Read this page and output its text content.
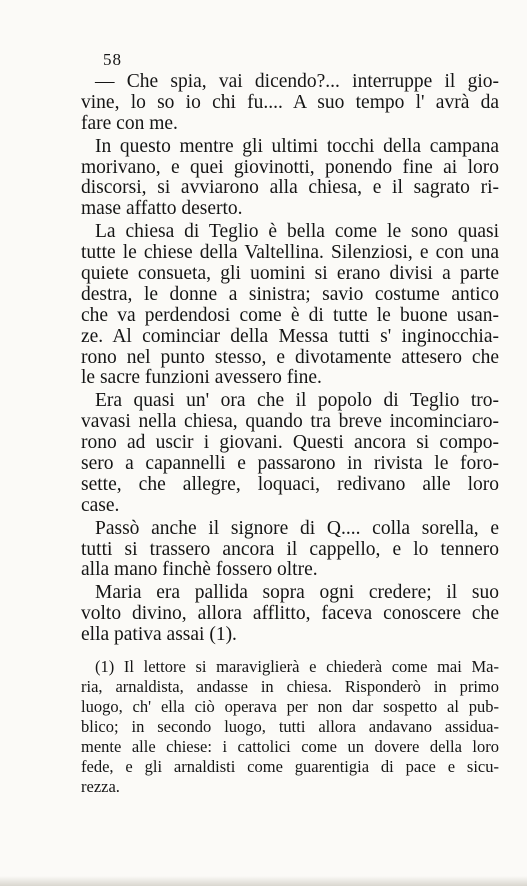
58
— Che spia, vai dicendo?... interruppe il gio-
vine, lo so io chi fu.... A suo tempo l' avrà da
fare con me.
In questo mentre gli ultimi tocchi della campana
morivano, e quei giovinotti, ponendo fine ai loro
discorsi, si avviarono alla chiesa, e il sagrato ri-
mase affatto deserto.
La chiesa di Teglio è bella come le sono quasi
tutte le chiese della Valtellina. Silenziosi, e con una
quiete consueta, gli uomini si erano divisi a parte
destra, le donne a sinistra; savio costume antico
che va perdendosi come è di tutte le buone usan-
ze. Al cominciar della Messa tutti s' inginocchia-
rono nel punto stesso, e divotamente attesero che
le sacre funzioni avessero fine.
Era quasi un' ora che il popolo di Teglio tro-
vavasi nella chiesa, quando tra breve incominciaro-
rono ad uscir i giovani. Questi ancora si compo-
sero a capannelli e passarono in rivista le foro-
sette, che allegre, loquaci, redivano alle loro
case.
Passò anche il signore di Q.... colla sorella, e
tutti si trassero ancora il cappello, e lo tennero
alla mano finchè fossero oltre.
Maria era pallida sopra ogni credere; il suo
volto divino, allora afflitto, faceva conoscere che
ella pativa assai (1).
(1) Il lettore si maraviglierà e chiederà come mai Ma-
ria, arnaldista, andasse in chiesa. Risponderò in primo
luogo, ch' ella ciò operava per non dar sospetto al pub-
blico; in secondo luogo, tutti allora andavano assidua-
mente alle chiese: i cattolici come un dovere della loro
fede, e gli arnaldisti come guarentigia di pace e sicu-
rezza.
